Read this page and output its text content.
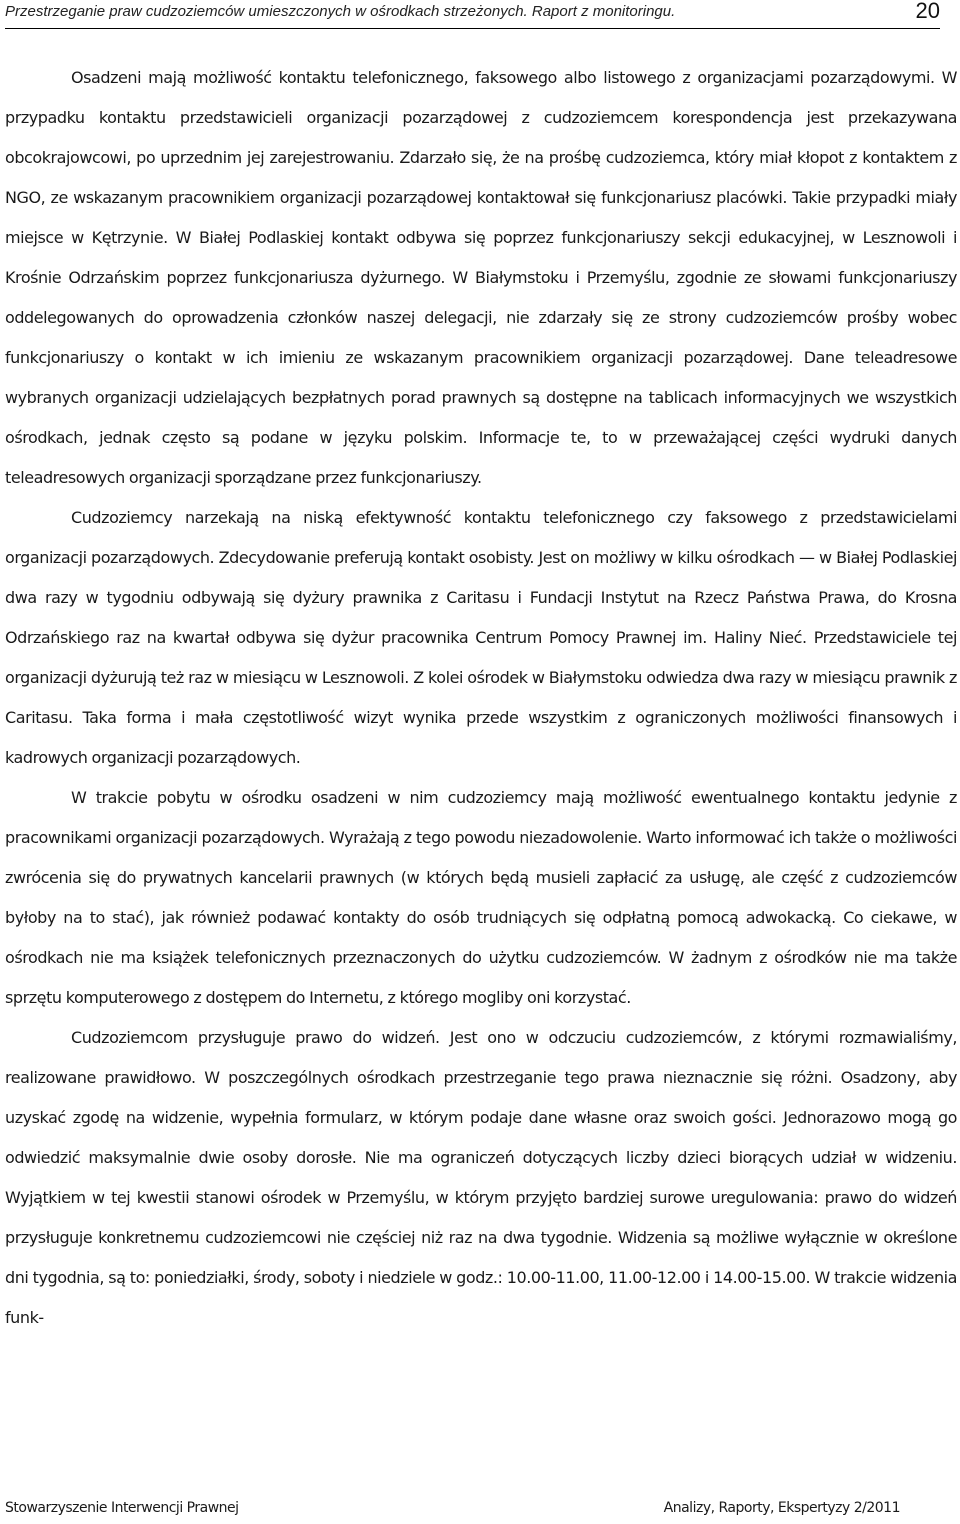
Przestrzeganie praw cudzoziemców umieszczonych w ośrodkach strzeżonych. Raport z monitoringu.	20

Osadzeni mają możliwość kontaktu telefonicznego, faksowego albo listowego z organizacjami pozarządowymi. W przypadku kontaktu przedstawicieli organizacji pozarządowej z cudzoziemcem korespondencja jest przekazywana obcokrajowcowi, po uprzednim jej zarejestrowaniu. Zdarzało się, że na prośbę cudzoziemca, który miał kłopot z kontaktem z NGO, ze wskazanym pracownikiem organizacji pozarządowej kontaktował się funkcjonariusz placówki. Takie przypadki miały miejsce w Kętrzynie. W Białej Podlaskiej kontakt odbywa się poprzez funkcjonariuszy sekcji edukacyjnej, w Lesznowoli i Krośnie Odrzańskim poprzez funkcjonariusza dyżurnego. W Białymstoku i Przemyślu, zgodnie ze słowami funkcjonariuszy oddelegowanych do oprowadzenia członków naszej delegacji, nie zdarzały się ze strony cudzoziemców prośby wobec funkcjonariuszy o kontakt w ich imieniu ze wskazanym pracownikiem organizacji pozarządowej. Dane teleadresowe wybranych organizacji udzielających bezpłatnych porad prawnych są dostępne na tablicach informacyjnych we wszystkich ośrodkach, jednak często są podane w języku polskim. Informacje te, to w przeważającej części wydruki danych teleadresowych organizacji sporządzane przez funkcjonariuszy.

Cudzoziemcy narzekają na niską efektywność kontaktu telefonicznego czy faksowego z przedstawicielami organizacji pozarządowych. Zdecydowanie preferują kontakt osobisty. Jest on możliwy w kilku ośrodkach — w Białej Podlaskiej dwa razy w tygodniu odbywają się dyżury prawnika z Caritasu i Fundacji Instytut na Rzecz Państwa Prawa, do Krosna Odrzańskiego raz na kwartał odbywa się dyżur pracownika Centrum Pomocy Prawnej im. Haliny Nieć. Przedstawiciele tej organizacji dyżurują też raz w miesiącu w Lesznowoli. Z kolei ośrodek w Białymstoku odwiedza dwa razy w miesiącu prawnik z Caritasu. Taka forma i mała częstotliwość wizyt wynika przede wszystkim z ograniczonych możliwości finansowych i kadrowych organizacji pozarządowych.

W trakcie pobytu w ośrodku osadzeni w nim cudzoziemcy mają możliwość ewentualnego kontaktu jedynie z pracownikami organizacji pozarządowych. Wyrażają z tego powodu niezadowolenie. Warto informować ich także o możliwości zwrócenia się do prywatnych kancelarii prawnych (w których będą musieli zapłacić za usługę, ale część z cudzoziemców byłoby na to stać), jak również podawać kontakty do osób trudniących się odpłatną pomocą adwokacką. Co ciekawe, w ośrodkach nie ma książek telefonicznych przeznaczonych do użytku cudzoziemców. W żadnym z ośrodków nie ma także sprzętu komputerowego z dostępem do Internetu, z którego mogliby oni korzystać.

Cudzoziemcom przysługuje prawo do widzeń. Jest ono w odczuciu cudzoziemców, z którymi rozmawialiśmy, realizowane prawidłowo. W poszczególnych ośrodkach przestrzeganie tego prawa nieznacznie się różni. Osadzony, aby uzyskać zgodę na widzenie, wypełnia formularz, w którym podaje dane własne oraz swoich gości. Jednorazowo mogą go odwiedzić maksymalnie dwie osoby dorosłe. Nie ma ograniczeń dotyczących liczby dzieci biorących udział w widzeniu. Wyjątkiem w tej kwestii stanowi ośrodek w Przemyślu, w którym przyjęto bardziej surowe uregulowania: prawo do widzeń przysługuje konkretnemu cudzoziemcowi nie częściej niż raz na dwa tygodnie. Widzenia są możliwe wyłącznie w określone dni tygodnia, są to: poniedziałki, środy, soboty i niedziele w godz.: 10.00-11.00, 11.00-12.00 i 14.00-15.00. W trakcie widzenia funk-

Stowarzyszenie Interwencji Prawnej	Analizy, Raporty, Ekspertyzy 2/2011
